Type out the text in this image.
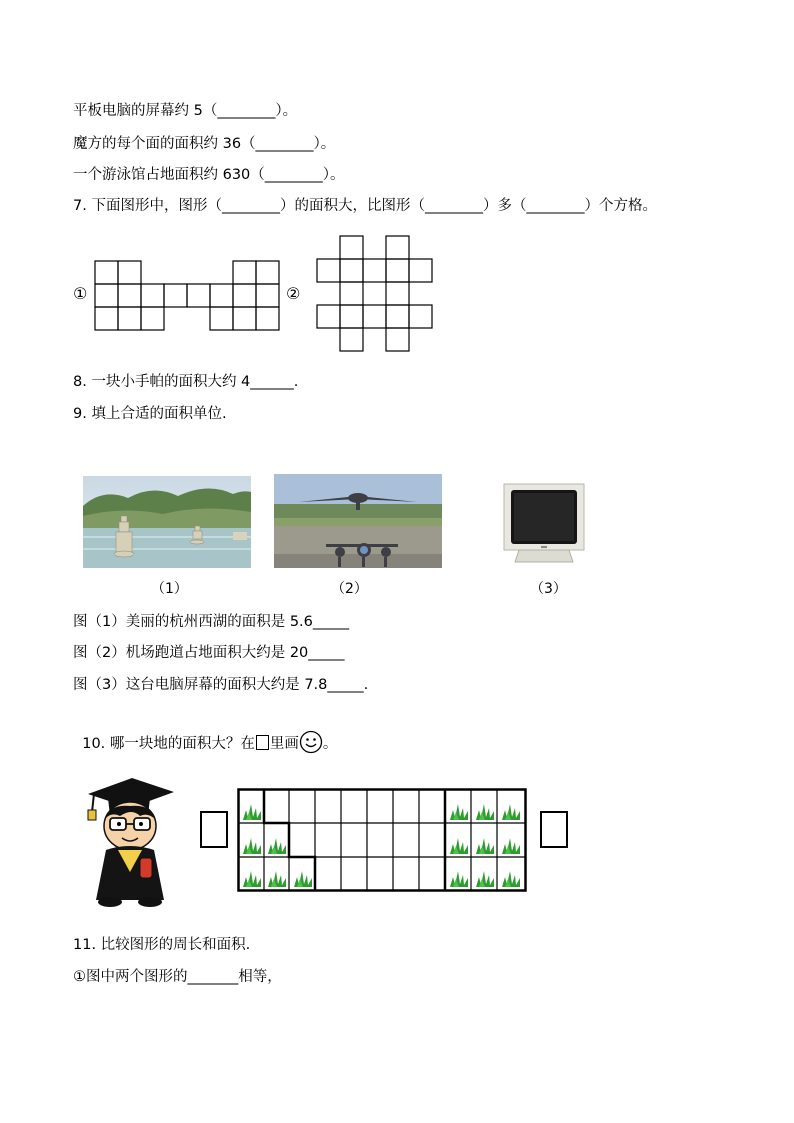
平板电脑的屏幕约 5（________）。
魔方的每个面的面积约 36（________）。
一个游泳馆占地面积约 630（________）。
7. 下面图形中，图形（________）的面积大，比图形（________）多（________）个方格。
①	②
8. 一块小手帕的面积大约 4______.
9. 填上合适的面积单位.
（1）	（2）	（3）
图（1）美丽的杭州西湖的面积是 5.6_____
图（2）机场跑道占地面积大约是 20_____
图（3）这台电脑屏幕的面积大约是 7.8_____.

10. 哪一块地的面积大？在 里画 。

11. 比较图形的周长和面积.
①图中两个图形的_______相等，
